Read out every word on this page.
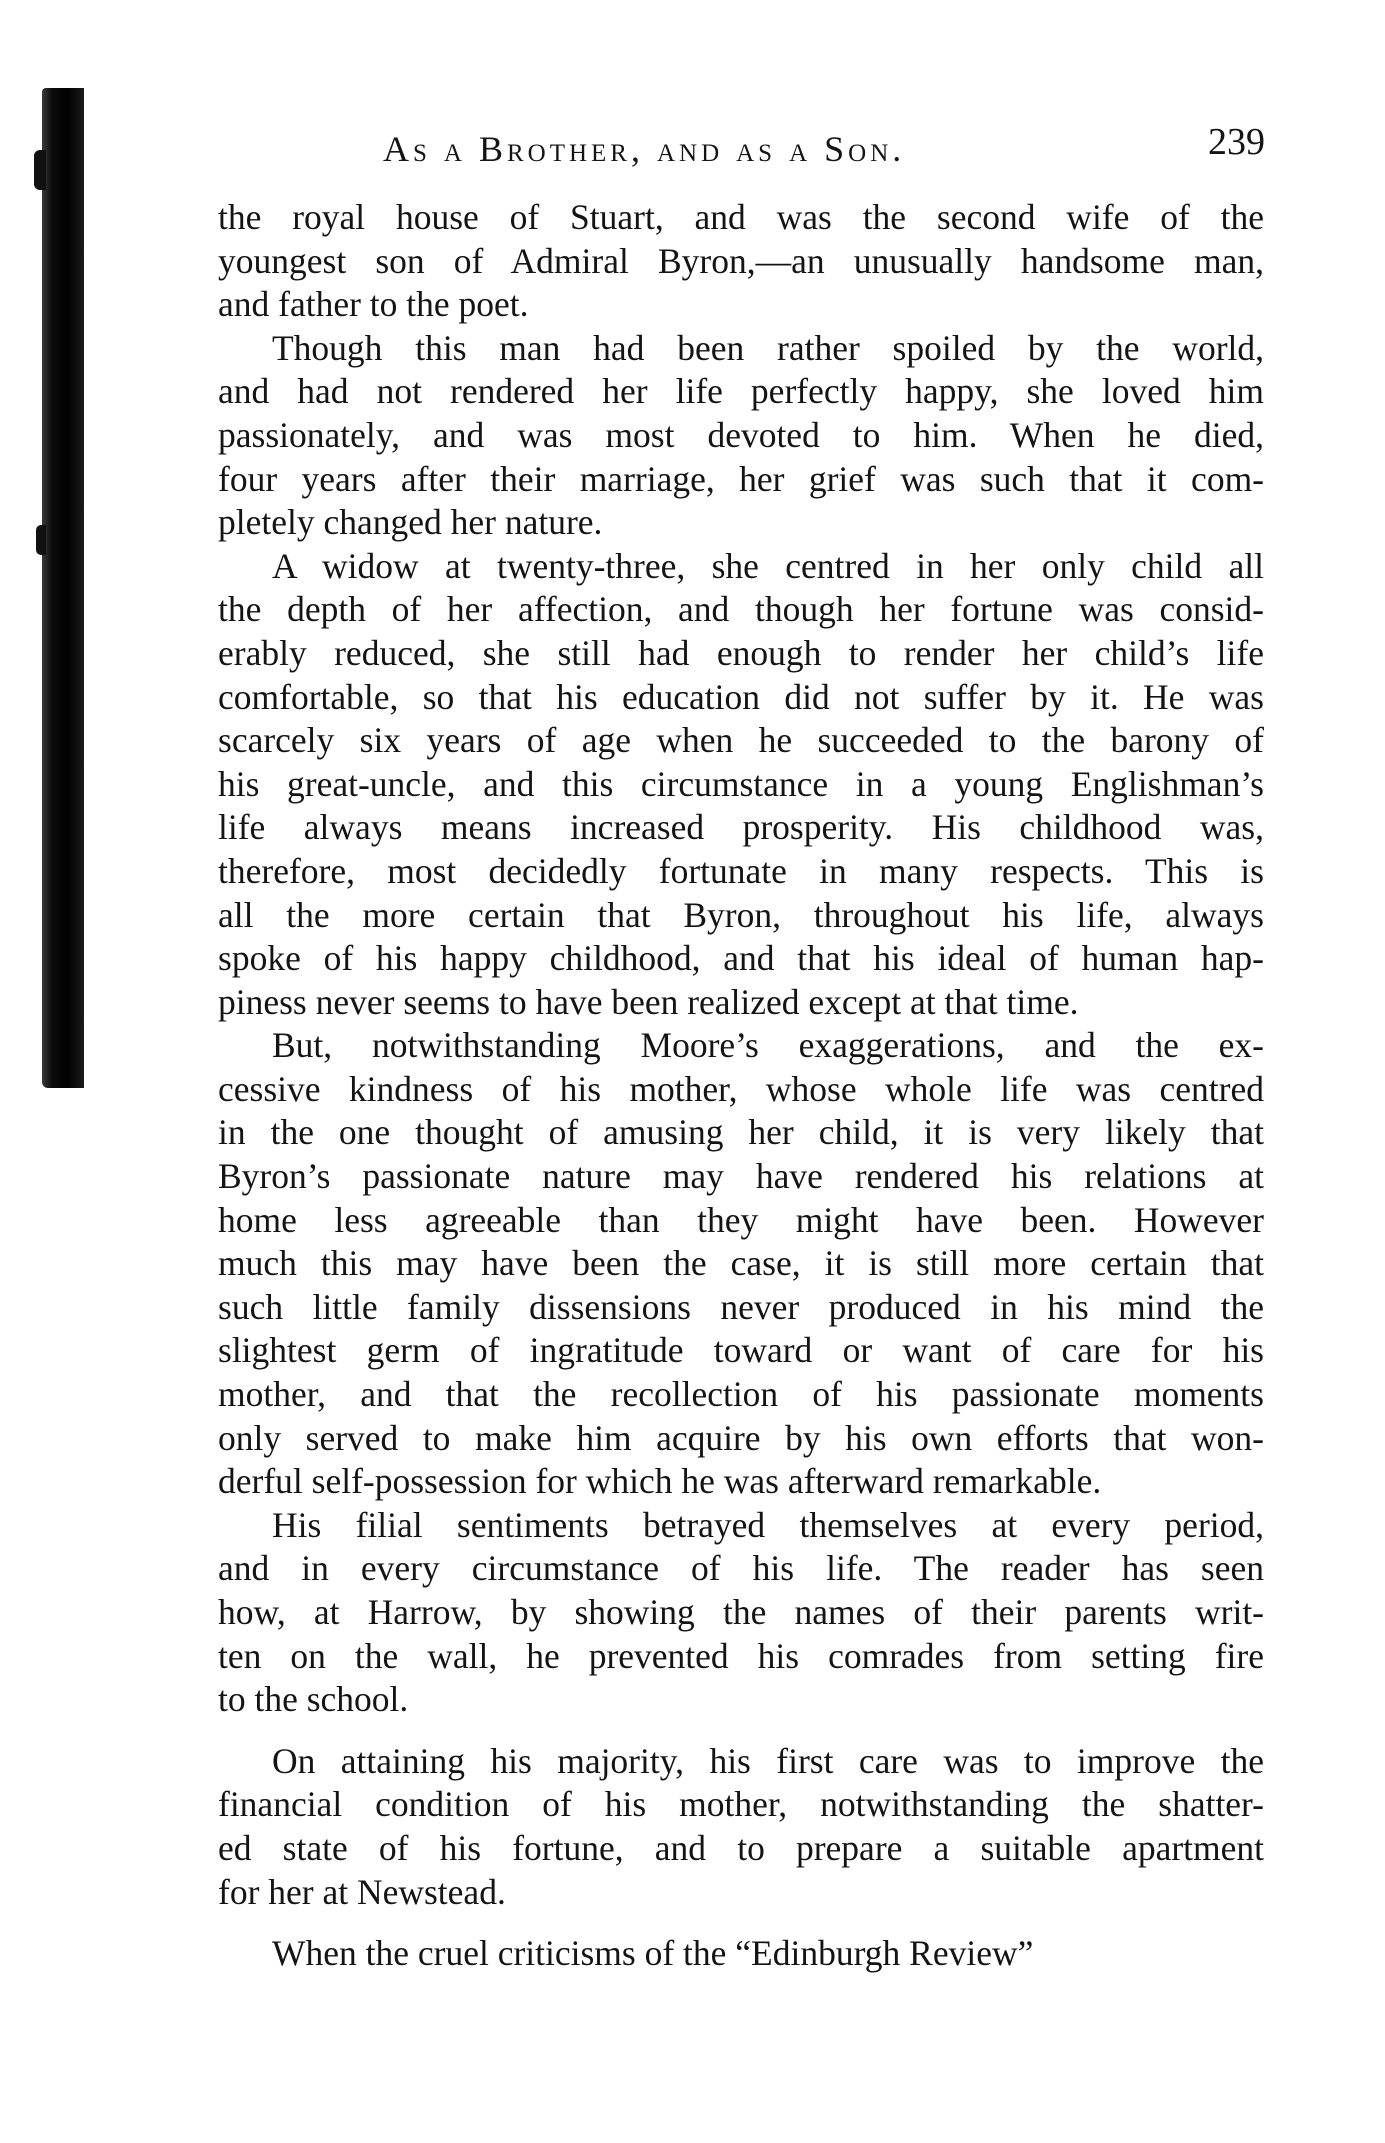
As a Brother, and as a Son.	239
the royal house of Stuart, and was the second wife of the
youngest son of Admiral Byron,—an unusually handsome man,
and father to the poet.
Though this man had been rather spoiled by the world,
and had not rendered her life perfectly happy, she loved him
passionately, and was most devoted to him. When he died,
four years after their marriage, her grief was such that it com-
pletely changed her nature.
A widow at twenty-three, she centred in her only child all
the depth of her affection, and though her fortune was consid-
erably reduced, she still had enough to render her child’s life
comfortable, so that his education did not suffer by it. He was
scarcely six years of age when he succeeded to the barony of
his great-uncle, and this circumstance in a young Englishman’s
life always means increased prosperity. His childhood was,
therefore, most decidedly fortunate in many respects. This is
all the more certain that Byron, throughout his life, always
spoke of his happy childhood, and that his ideal of human hap-
piness never seems to have been realized except at that time.
But, notwithstanding Moore’s exaggerations, and the ex-
cessive kindness of his mother, whose whole life was centred
in the one thought of amusing her child, it is very likely that
Byron’s passionate nature may have rendered his relations at
home less agreeable than they might have been. However
much this may have been the case, it is still more certain that
such little family dissensions never produced in his mind the
slightest germ of ingratitude toward or want of care for his
mother, and that the recollection of his passionate moments
only served to make him acquire by his own efforts that won-
derful self-possession for which he was afterward remarkable.
His filial sentiments betrayed themselves at every period,
and in every circumstance of his life. The reader has seen
how, at Harrow, by showing the names of their parents writ-
ten on the wall, he prevented his comrades from setting fire
to the school.
On attaining his majority, his first care was to improve the
financial condition of his mother, notwithstanding the shatter-
ed state of his fortune, and to prepare a suitable apartment
for her at Newstead.
When the cruel criticisms of the “Edinburgh Review”
